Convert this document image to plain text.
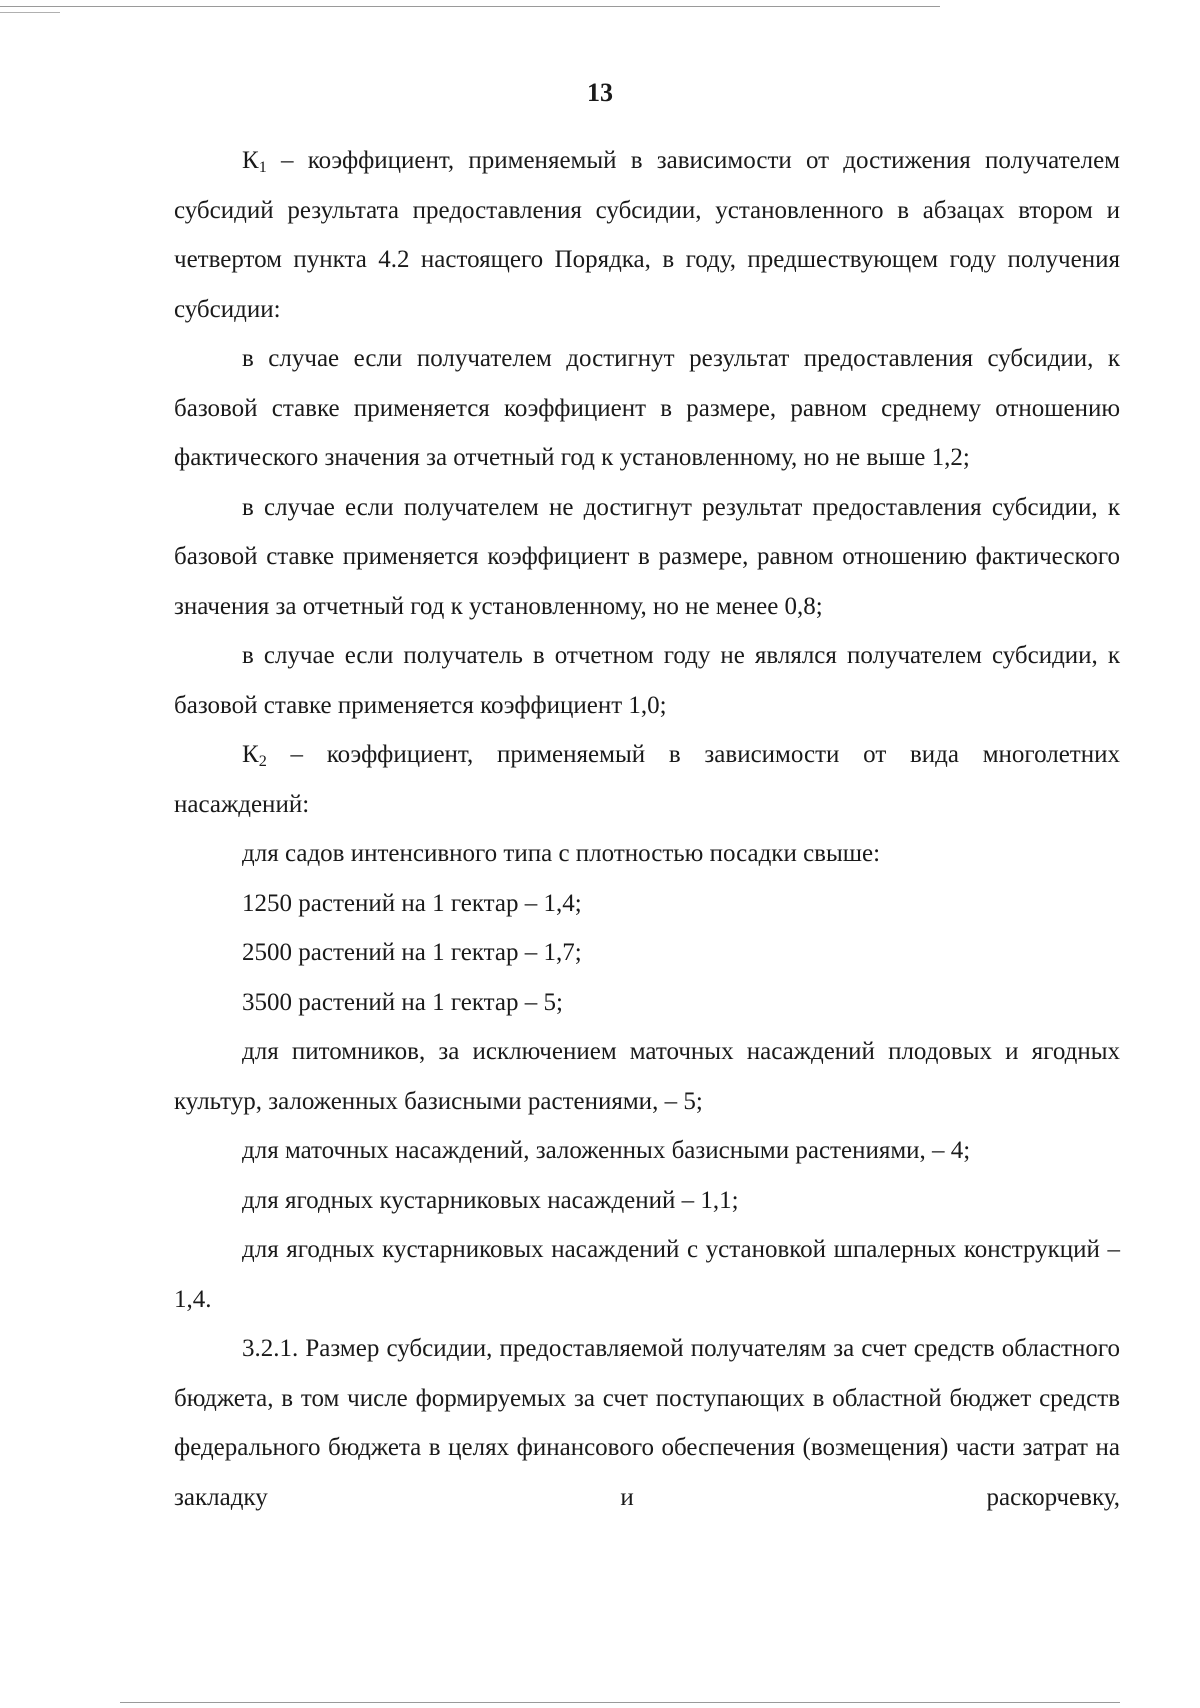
13

$К_1$ – коэффициент, применяемый в зависимости от достижения получателем субсидий результата предоставления субсидии, установленного в абзацах втором и четвертом пункта 4.2 настоящего Порядка, в году, предшествующем году получения субсидии:

в случае если получателем достигнут результат предоставления субсидии, к базовой ставке применяется коэффициент в размере, равном среднему отношению фактического значения за отчетный год к установленному, но не выше 1,2;

в случае если получателем не достигнут результат предоставления субсидии, к базовой ставке применяется коэффициент в размере, равном отношению фактического значения за отчетный год к установленному, но не менее 0,8;

в случае если получатель в отчетном году не являлся получателем субсидии, к базовой ставке применяется коэффициент 1,0;

$К_2$ – коэффициент, применяемый в зависимости от вида многолетних насаждений:

для садов интенсивного типа с плотностью посадки свыше:

1250 растений на 1 гектар – 1,4;

2500 растений на 1 гектар – 1,7;

3500 растений на 1 гектар – 5;

для питомников, за исключением маточных насаждений плодовых и ягодных культур, заложенных базисными растениями, – 5;

для маточных насаждений, заложенных базисными растениями, – 4;

для ягодных кустарниковых насаждений – 1,1;

для ягодных кустарниковых насаждений с установкой шпалерных конструкций – 1,4.

3.2.1. Размер субсидии, предоставляемой получателям за счет средств областного бюджета, в том числе формируемых за счет поступающих в областной бюджет средств федерального бюджета в целях финансового обеспечения (возмещения) части затрат на закладку и раскорчевку,
